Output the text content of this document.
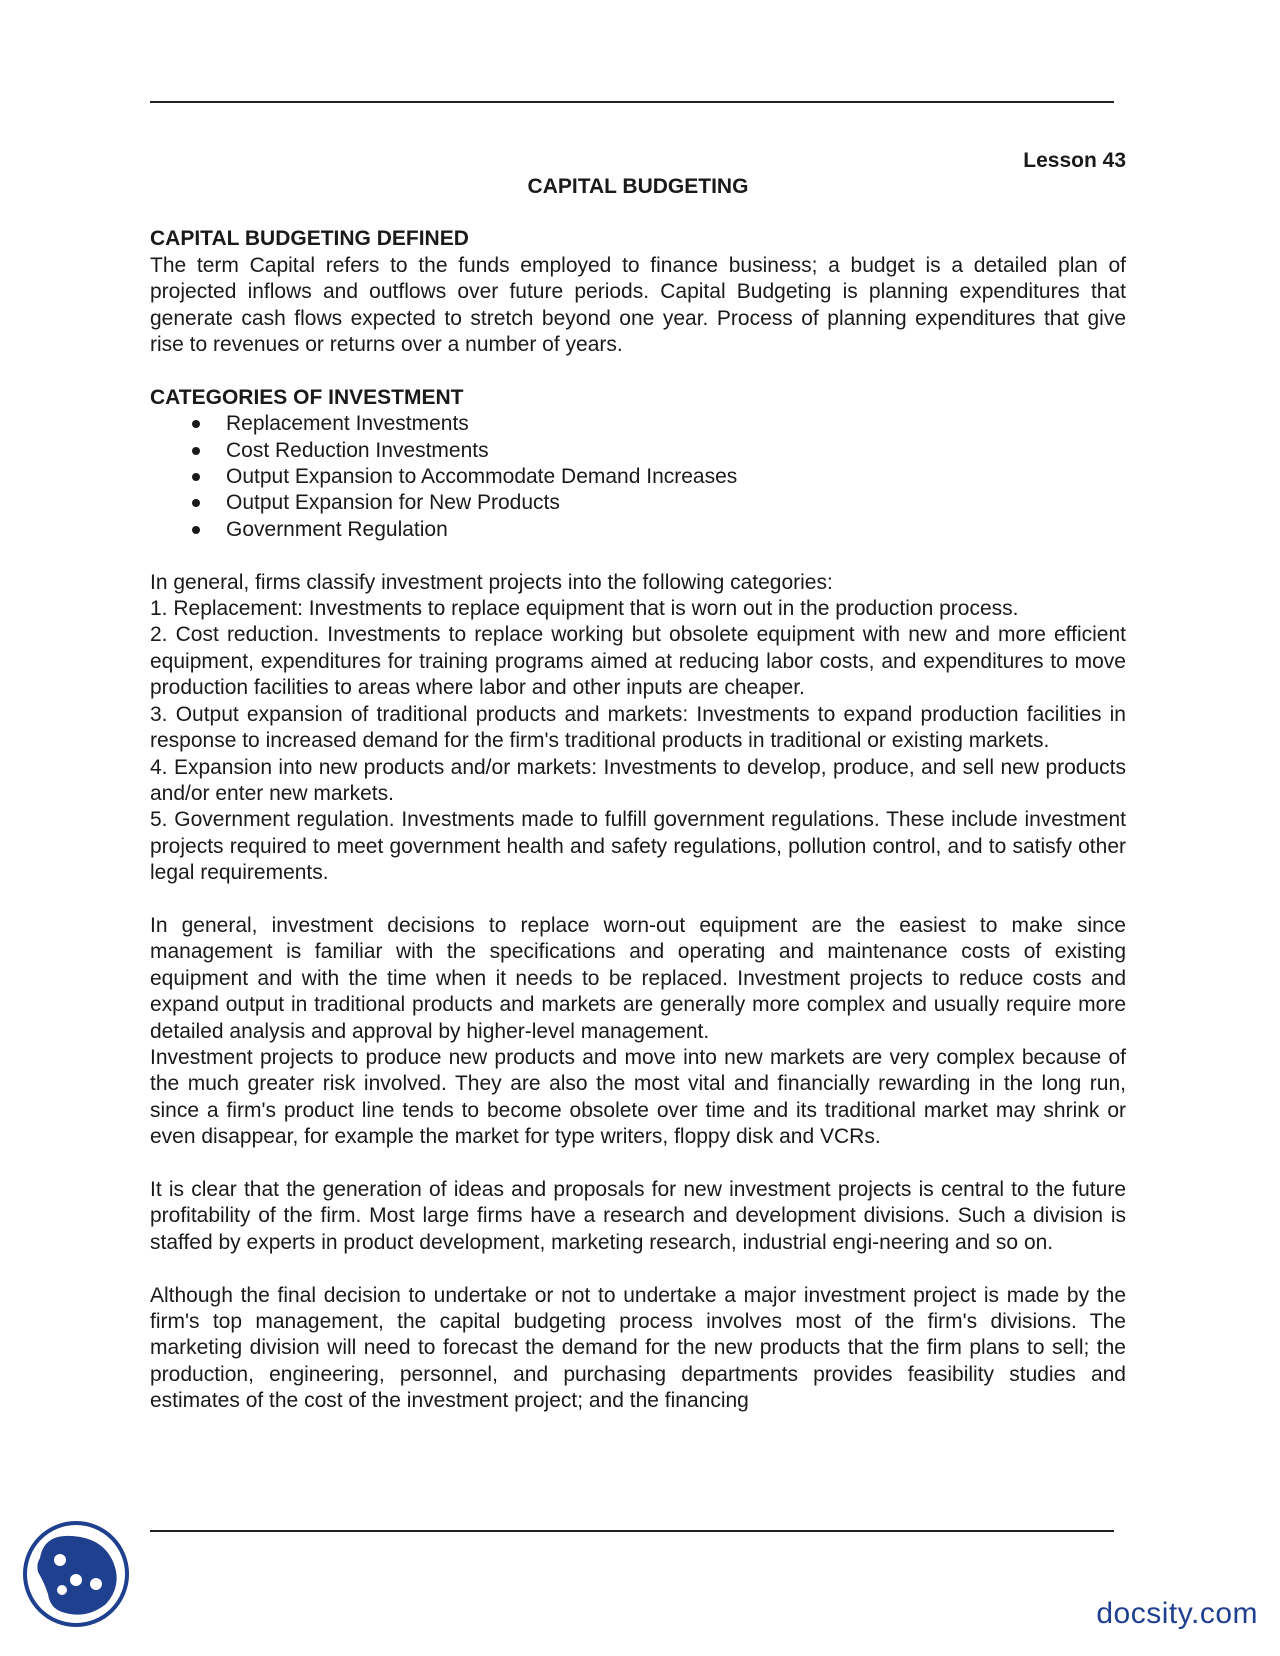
Lesson 43
CAPITAL BUDGETING
CAPITAL BUDGETING DEFINED

The term Capital refers to the funds employed to finance business; a budget is a detailed plan of projected inflows and outflows over future periods. Capital Budgeting is planning expenditures that generate cash flows expected to stretch beyond one year. Process of planning expenditures that give rise to revenues or returns over a number of years.

CATEGORIES OF INVESTMENT
Replacement Investments
Cost Reduction Investments
Output Expansion to Accommodate Demand Increases
Output Expansion for New Products
Government Regulation

In general, firms classify investment projects into the following categories:

1. Replacement: Investments to replace equipment that is worn out in the production process.

2. Cost reduction. Investments to replace working but obsolete equipment with new and more efficient equipment, expenditures for training programs aimed at reducing labor costs, and expenditures to move production facilities to areas where labor and other inputs are cheaper.

3. Output expansion of traditional products and markets: Investments to expand production facilities in response to increased demand for the firm's traditional products in traditional or existing markets.

4. Expansion into new products and/or markets: Investments to develop, produce, and sell new products and/or enter new markets.

5. Government regulation. Investments made to fulfill government regulations. These include investment projects required to meet government health and safety regulations, pollution control, and to satisfy other legal requirements.

In general, investment decisions to replace worn-out equipment are the easiest to make since management is familiar with the specifications and operating and maintenance costs of existing equipment and with the time when it needs to be replaced. Investment projects to reduce costs and expand output in traditional products and markets are generally more complex and usually require more detailed analysis and approval by higher-level management.

Investment projects to produce new products and move into new markets are very complex because of the much greater risk involved. They are also the most vital and financially rewarding in the long run, since a firm's product line tends to become obsolete over time and its traditional market may shrink or even disappear, for example the market for type writers, floppy disk and VCRs.

It is clear that the generation of ideas and proposals for new investment projects is central to the future profitability of the firm. Most large firms have a research and development divisions. Such a division is staffed by experts in product development, marketing research, industrial engi-neering and so on.

Although the final decision to undertake or not to undertake a major investment project is made by the firm's top management, the capital budgeting process involves most of the firm's divisions. The marketing division will need to forecast the demand for the new products that the firm plans to sell; the production, engineering, personnel, and purchasing departments provides feasibility studies and estimates of the cost of the investment project; and the financing

docsity.com
